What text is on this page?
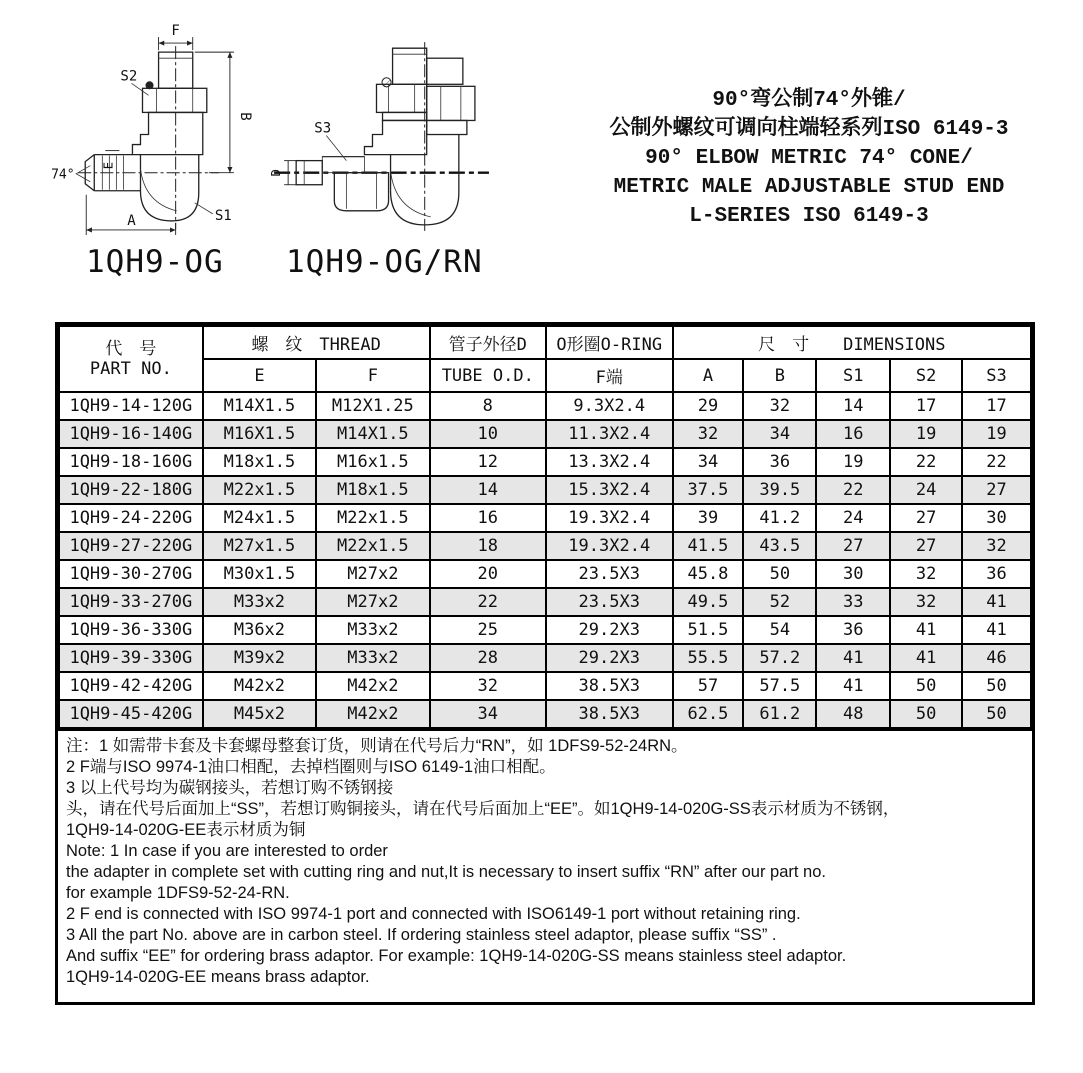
F
S2
B
A
74°
E
S1
D
S3
1QH9-OG 1QH9-OG/RN
90°弯公制74°外锥/
公制外螺纹可调向柱端轻系列ISO 6149-3
90° ELBOW METRIC 74° CONE/
METRIC MALE ADJUSTABLE STUD END
L-SERIES ISO 6149-3
代　号
PART NO.	螺　纹　THREAD		管子外径D	O形圈O-RING	尺　寸　　DIMENSIONS				
	E	F	TUBE O.D.	F端	A	B	S1	S2	S3
1QH9-14-120G	M14X1.5	M12X1.25	8	9.3X2.4	29	32	14	17	17
1QH9-16-140G	M16X1.5	M14X1.5	10	11.3X2.4	32	34	16	19	19
1QH9-18-160G	M18x1.5	M16x1.5	12	13.3X2.4	34	36	19	22	22
1QH9-22-180G	M22x1.5	M18x1.5	14	15.3X2.4	37.5	39.5	22	24	27
1QH9-24-220G	M24x1.5	M22x1.5	16	19.3X2.4	39	41.2	24	27	30
1QH9-27-220G	M27x1.5	M22x1.5	18	19.3X2.4	41.5	43.5	27	27	32
1QH9-30-270G	M30x1.5	M27x2	20	23.5X3	45.8	50	30	32	36
1QH9-33-270G	M33x2	M27x2	22	23.5X3	49.5	52	33	32	41
1QH9-36-330G	M36x2	M33x2	25	29.2X3	51.5	54	36	41	41
1QH9-39-330G	M39x2	M33x2	28	29.2X3	55.5	57.2	41	41	46
1QH9-42-420G	M42x2	M42x2	32	38.5X3	57	57.5	41	50	50
1QH9-45-420G	M45x2	M42x2	34	38.5X3	62.5	61.2	48	50	50
注：1 如需带卡套及卡套螺母整套订货，则请在代号后力“RN”，如 1DFS9-52-24RN。
2 F端与ISO 9974-1油口相配，去掉档圈则与ISO 6149-1油口相配。
3 以上代号均为碳钢接头，若想订购不锈钢接
头，请在代号后面加上“SS”，若想订购铜接头，请在代号后面加上“EE”。如1QH9-14-020G-SS表示材质为不锈钢，
1QH9-14-020G-EE表示材质为铜
Note: 1 In case if you are interested to order
the adapter in complete set with cutting ring and nut,It is necessary to insert suffix “RN” after our part no.
for example 1DFS9-52-24-RN.
2 F end is connected with ISO 9974-1 port and connected with ISO6149-1 port without retaining ring.
3 All the part No. above are in carbon steel. If ordering stainless steel adaptor, please suffix “SS” .
And suffix “EE” for ordering brass adaptor. For example: 1QH9-14-020G-SS means stainless steel adaptor.
1QH9-14-020G-EE means brass adaptor.
